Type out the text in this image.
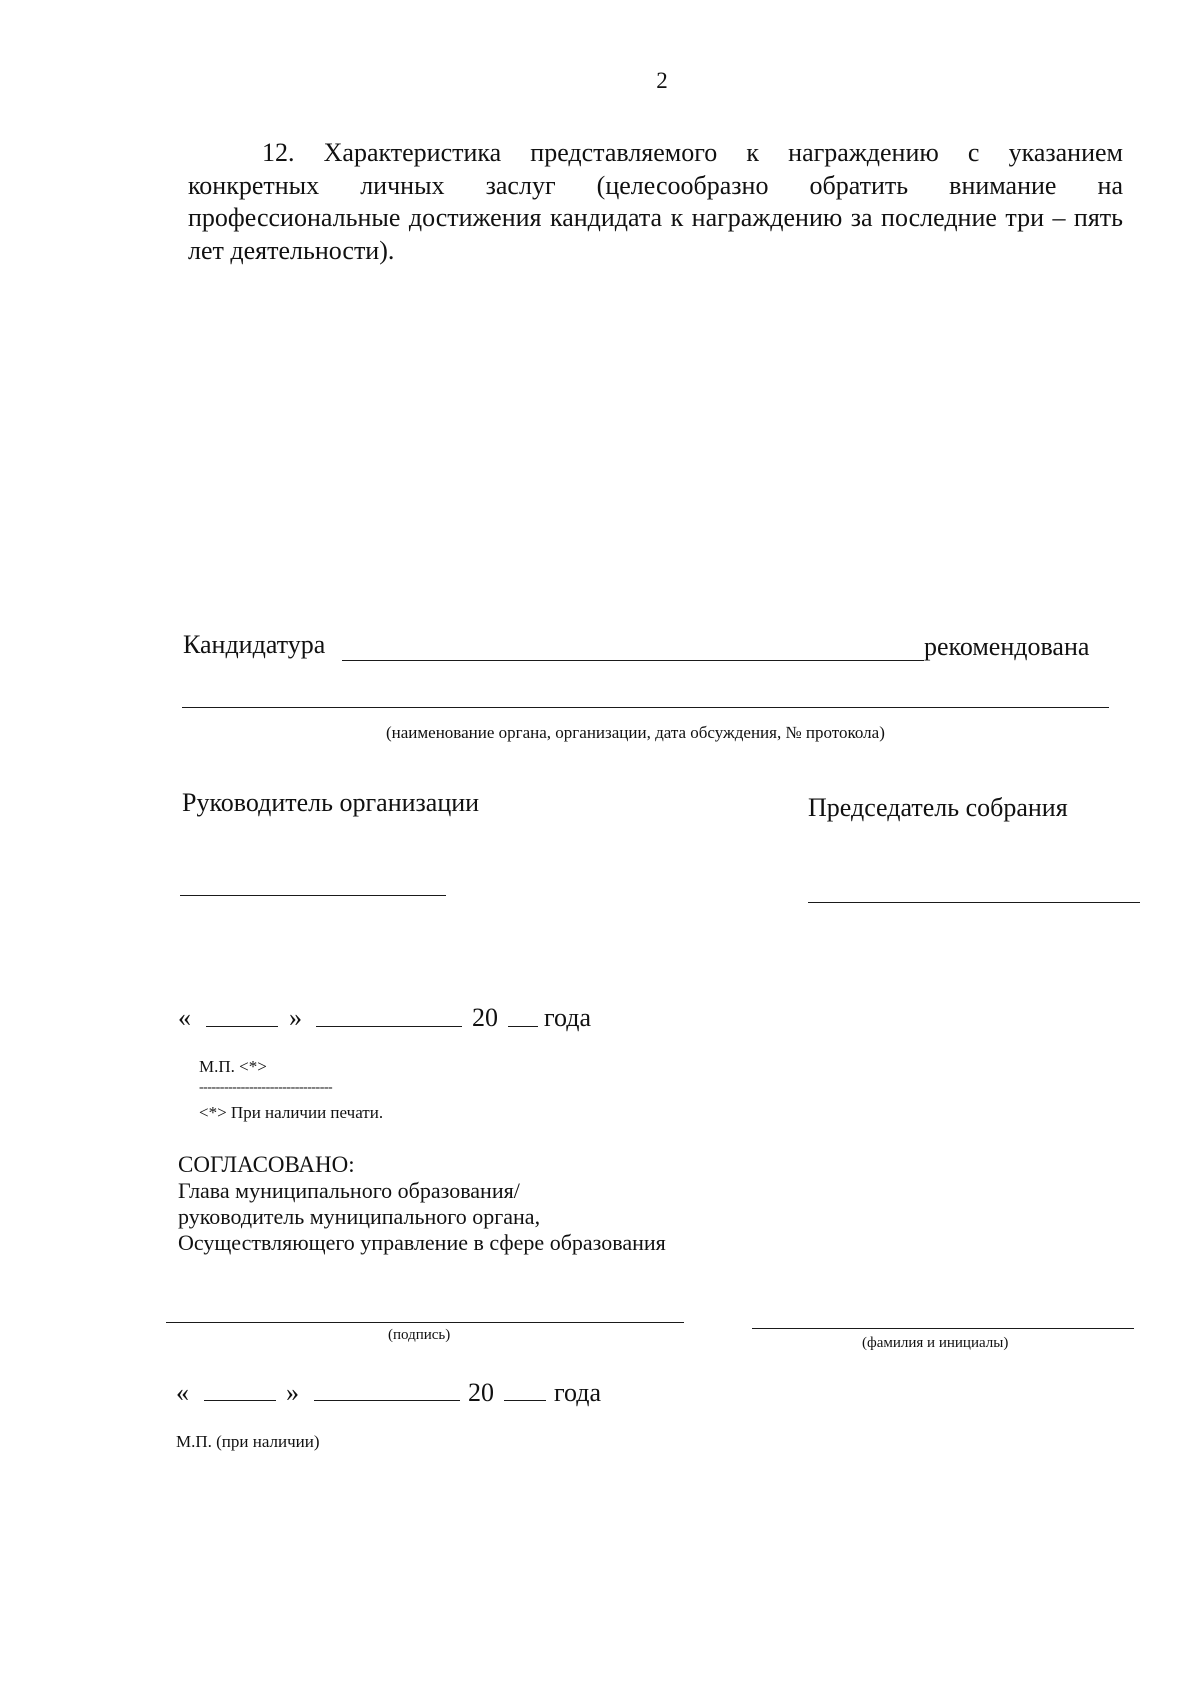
2
12. Характеристика представляемого к награждению с указанием конкретных личных заслуг (целесообразно обратить внимание на профессиональные достижения кандидата к награждению за последние три – пять лет деятельности).
Кандидатура	рекомендована
(наименование органа, организации, дата обсуждения, № протокола)
Руководитель организации	Председатель собрания
«	»	20 года
М.П. <*>
--------------------------------
<*> При наличии печати.
СОГЛАСОВАНО:
Глава муниципального образования/
руководитель муниципального органа,
Осуществляющего управление в сфере образования
(подпись)	(фамилия и инициалы)
«	»	20 года
М.П. (при наличии)
